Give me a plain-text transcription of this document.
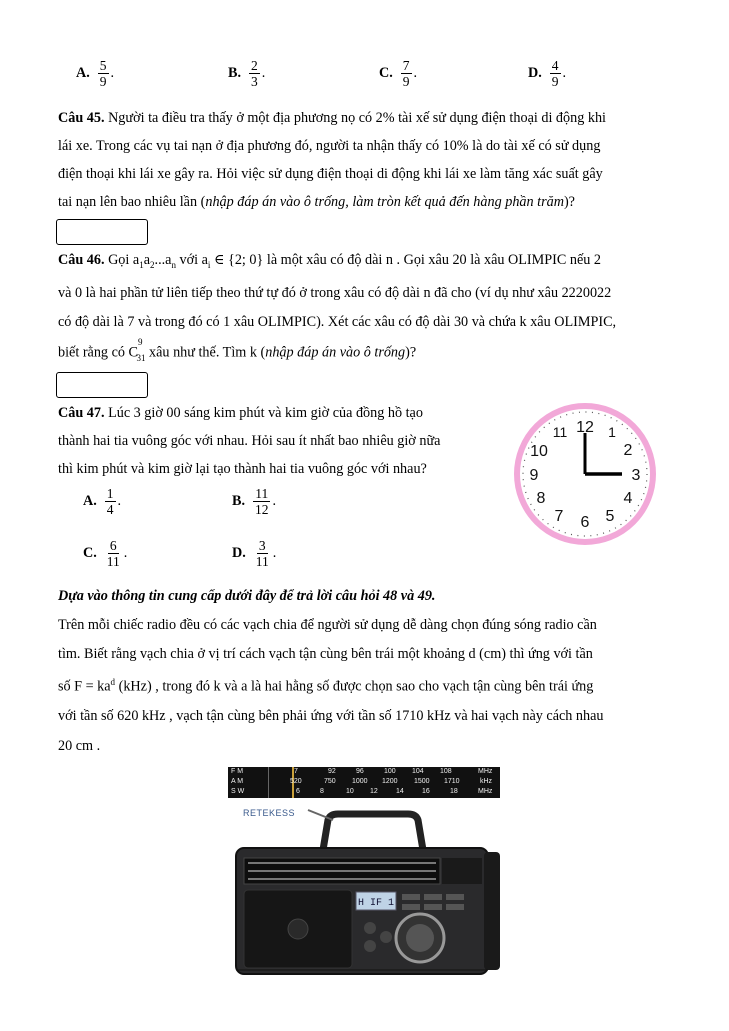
A. $\frac{5}{9}$ .	B. $\frac{2}{3}$ .	C. $\frac{7}{9}$ .	D. $\frac{4}{9}$ .
Câu 45. Người ta điều tra thấy ở một địa phương nọ có 2% tài xế sử dụng điện thoại di động khi
lái xe. Trong các vụ tai nạn ở địa phương đó, người ta nhận thấy có 10% là do tài xế có sử dụng
điện thoại khi lái xe gây ra. Hỏi việc sử dụng điện thoại di động khi lái xe làm tăng xác suất gây
tai nạn lên bao nhiêu lần (nhập đáp án vào ô trống, làm tròn kết quả đến hàng phần trăm)?
Câu 46. Gọi $a_1a_2...a_n$ với $a_i$ ∈ {2; 0} là một xâu có độ dài n . Gọi xâu 20 là xâu OLIMPIC nếu 2
và 0 là hai phần tử liên tiếp theo thứ tự đó ở trong xâu có độ dài n đã cho (ví dụ như xâu 2220022
có độ dài là 7 và trong đó có 1 xâu OLIMPIC). Xét các xâu có độ dài 30 và chứa k xâu OLIMPIC,
biết rằng có $C^9_{31}$ xâu như thế. Tìm k (nhập đáp án vào ô trống)?
Câu 47. Lúc 3 giờ 00 sáng kim phút và kim giờ của đồng hồ tạo
thành hai tia vuông góc với nhau. Hỏi sau ít nhất bao nhiêu giờ nữa
thì kim phút và kim giờ lại tạo thành hai tia vuông góc với nhau?
A. $\frac{1}{4}$ .	B. $\frac{11}{12}$ .
C. $\frac{6}{11}$ .	D. $\frac{3}{11}$ .
12 1
2
3
4
5
6
7
8
9
10
11
Dựa vào thông tin cung cấp dưới đây để trả lời câu hỏi 48 và 49.
Trên mỗi chiếc radio đều có các vạch chia để người sử dụng dễ dàng chọn đúng sóng radio cần
tìm. Biết rằng vạch chia ở vị trí cách vạch tận cùng bên trái một khoảng d (cm) thì ứng với tần
số $F = ka^d$ (kHz) , trong đó k và a là hai hằng số được chọn sao cho vạch tận cùng bên trái ứng
với tần số 620 kHz , vạch tận cùng bên phải ứng với tần số 1710 kHz và hai vạch này cách nhau
20 cm .
F M
A M
S W
7	92	96	100 104 108	MHz
520	750 1000 1200 1500 1710	kHz
6	8	10 12	14	16	18	MHz
RETEKESS
H IF 1
